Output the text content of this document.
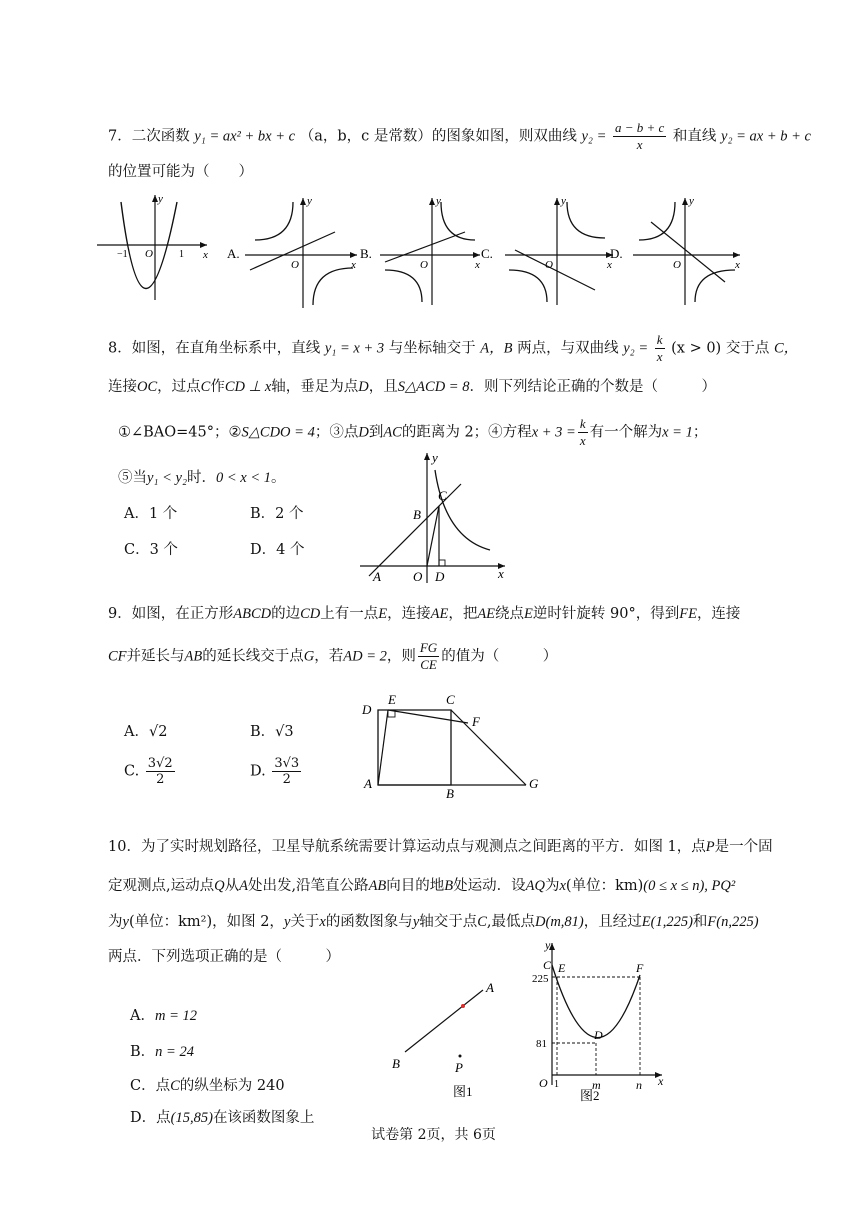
7．二次函数 y₁ = ax² + bx + c （a，b，c 是常数）的图象如图，则双曲线 $y_2 = \frac{a - b + c}{x}$ 和直线 y₂ = ax + b + c
的位置可能为（　　）
y
x
O
−1	1	A.
y
x
O
B.
y
x
O
C.
y
x
O
D.
y
x
O
8．如图，在直角坐标系中，直线 y₁ = x + 3 与坐标轴交于 A，B 两点，与双曲线 $y_2 = \frac{k}{x} (x > 0)$ 交于点 C，
连接OC，过点C作CD ⊥ x轴，垂足为点D，且S△ACD = 8．则下列结论正确的个数是（　　　）
①∠BAO=45°；②S△CDO = 4；③点D到AC的距离为 2；④方程$x + 3 = \frac{k}{x}$ 有一个解为x = 1；
⑤当y₁ < y₂时．0 < x < 1。
A．1 个	B．2 个
C．3 个	D．4 个
A
B
C
D
O	x
y
9．如图，在正方形ABCD的边CD上有一点E，连接AE，把AE绕点E逆时针旋转 90°，得到FE，连接
CF并延长与AB的延长线交于点G，若AD = 2，则 $\frac{FG}{CE}$ 的值为（　　　）
A．√2	B．√3
C. $\frac{3√2}{2}$	D. $\frac{3√3}{2}$
D
E	C
F
A
B
G
10．为了实时规划路径，卫星导航系统需要计算运动点与观测点之间距离的平方．如图 1，点P是一个固
定观测点,运动点Q从A处出发,沿笔直公路AB向目的地B处运动．设AQ为x(单位：km)(0 ≤ x ≤ n), PQ²
为y(单位：km²)，如图 2，y关于x的函数图象与y轴交于点C,最低点D(m,81)，且经过E(1,225)和F(n,225)
两点．下列选项正确的是（　　　）
A．m = 12
B．n = 24
C．点C的纵坐标为 240
D．点(15,85)在该函数图象上
A
B	P
图1
y
x
C E	F
D
O
225
81
1	m	n
图2
试卷第 2页，共 6页
